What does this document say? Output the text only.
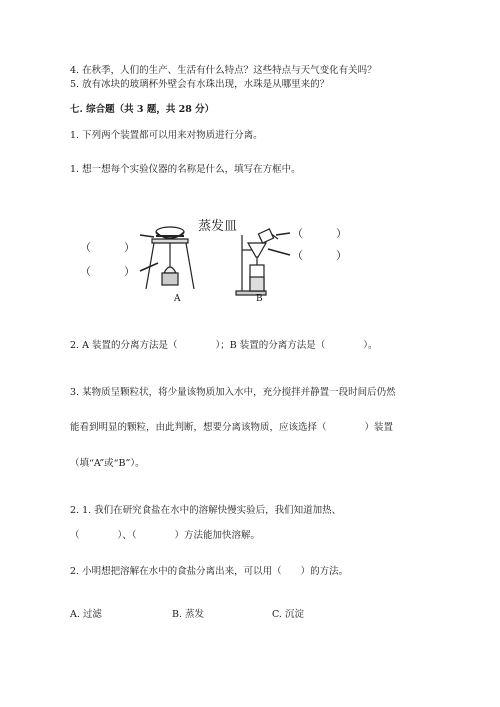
4. 在秋季，人们的生产、生活有什么特点？这些特点与天气变化有关吗？
5. 放有冰块的玻璃杯外壁会有水珠出现，水珠是从哪里来的？
七. 综合题（共 3 题，共 28 分）
1. 下列两个装置都可以用来对物质进行分离。
1. 想一想每个实验仪器的名称是什么，填写在方框中。
蒸发皿
A	B
（　　　）
（　　　）
（　　　）
（　　　）
2. A 装置的分离方法是（　　　　）；B 装置的分离方法是（　　　　）。
3. 某物质呈颗粒状，将少量该物质加入水中，充分搅拌并静置一段时间后仍然
能看到明显的颗粒，由此判断，想要分离该物质，应该选择（　　　　）装置
（填“A”或“B”）。
2. 1. 我们在研究食盐在水中的溶解快慢实验后，我们知道加热、
（　　　　）、（　　　　）方法能加快溶解。
2. 小明想把溶解在水中的食盐分离出来，可以用（　　）的方法。
A. 过滤	B. 蒸发	C. 沉淀
